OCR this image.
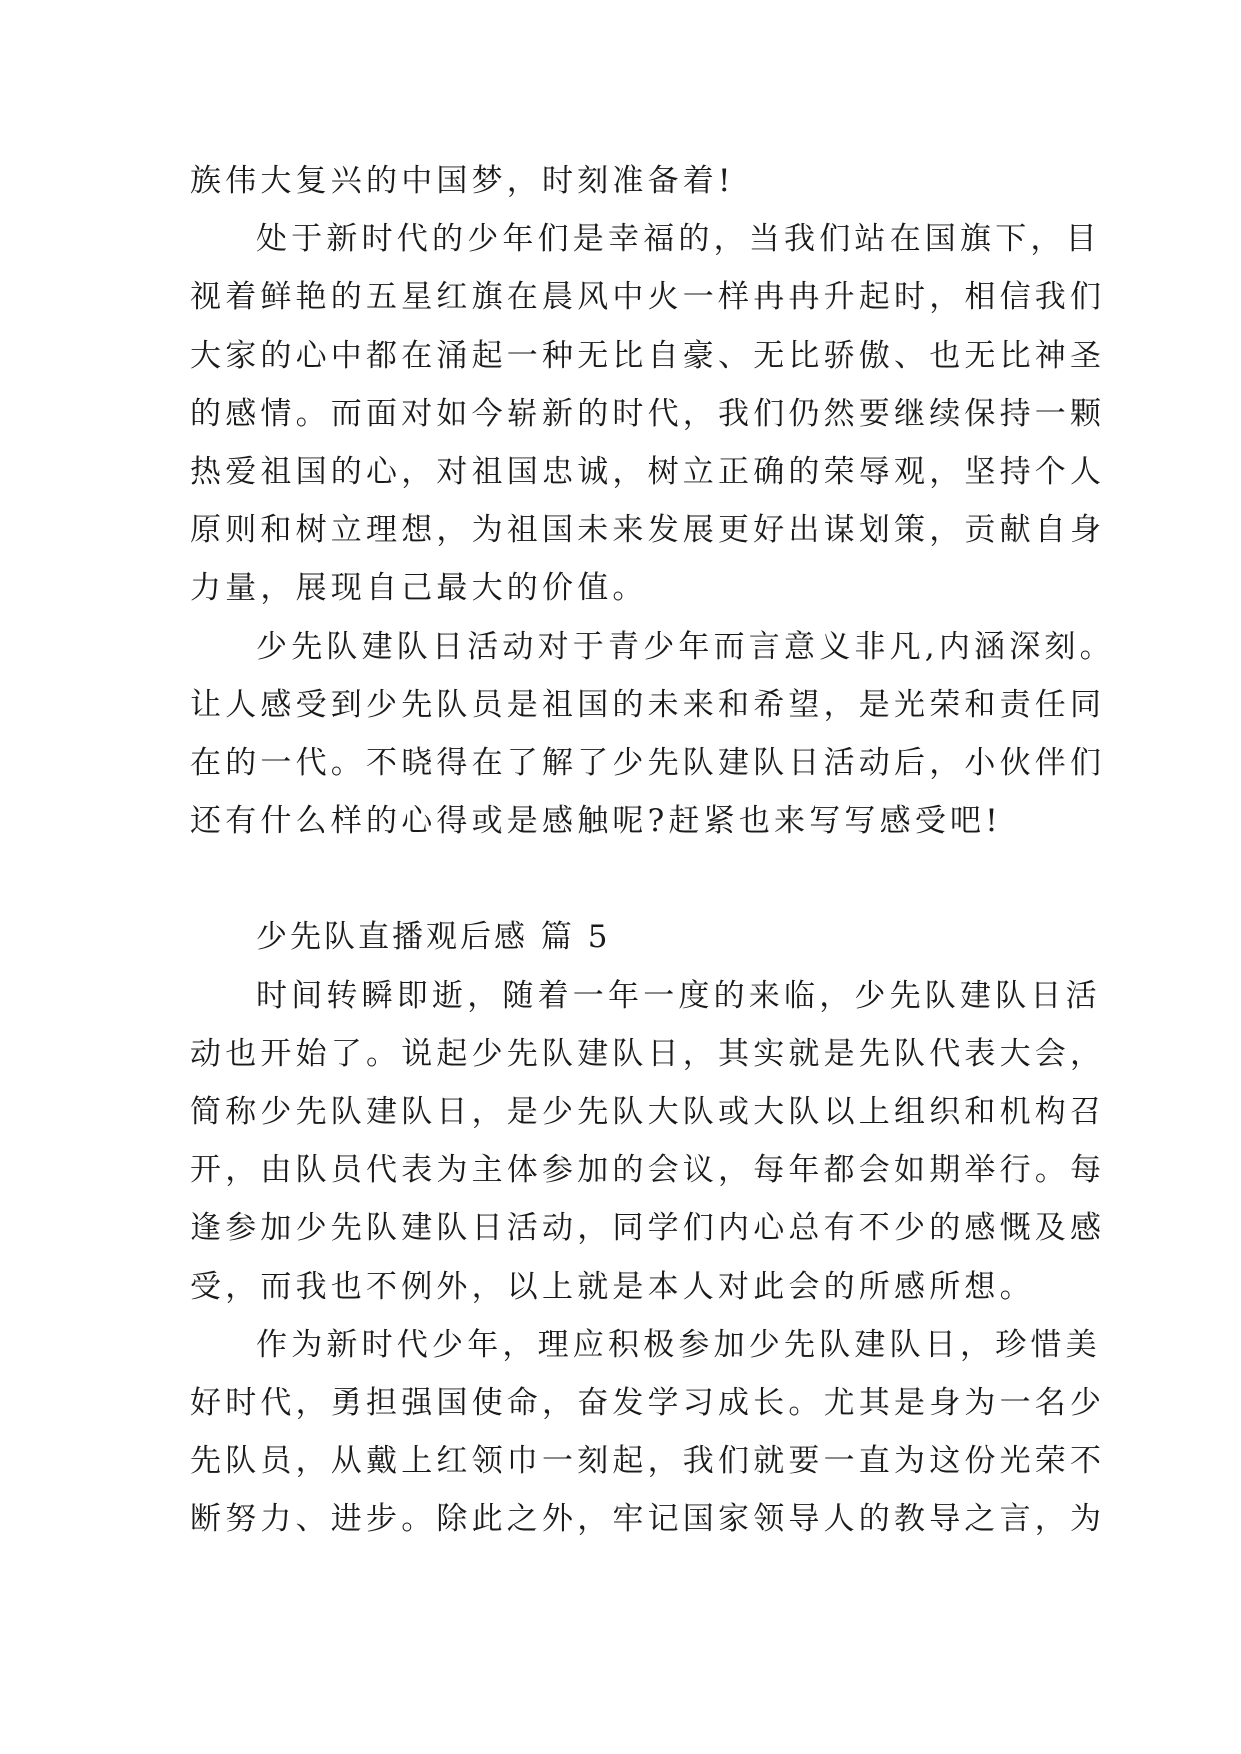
族伟大复兴的中国梦，时刻准备着!
处于新时代的少年们是幸福的，当我们站在国旗下，目
视着鲜艳的五星红旗在晨风中火一样冉冉升起时，相信我们
大家的心中都在涌起一种无比自豪、无比骄傲、也无比神圣
的感情。而面对如今崭新的时代，我们仍然要继续保持一颗
热爱祖国的心，对祖国忠诚，树立正确的荣辱观，坚持个人
原则和树立理想，为祖国未来发展更好出谋划策，贡献自身
力量，展现自己最大的价值。
少先队建队日活动对于青少年而言意义非凡,内涵深刻。
让人感受到少先队员是祖国的未来和希望，是光荣和责任同
在的一代。不晓得在了解了少先队建队日活动后，小伙伴们
还有什么样的心得或是感触呢?赶紧也来写写感受吧!
少先队直播观后感 篇 5
时间转瞬即逝，随着一年一度的来临，少先队建队日活
动也开始了。说起少先队建队日，其实就是先队代表大会，
简称少先队建队日，是少先队大队或大队以上组织和机构召
开，由队员代表为主体参加的会议，每年都会如期举行。每
逢参加少先队建队日活动，同学们内心总有不少的感慨及感
受，而我也不例外，以上就是本人对此会的所感所想。
作为新时代少年，理应积极参加少先队建队日，珍惜美
好时代，勇担强国使命，奋发学习成长。尤其是身为一名少
先队员，从戴上红领巾一刻起，我们就要一直为这份光荣不
断努力、进步。除此之外，牢记国家领导人的教导之言，为
